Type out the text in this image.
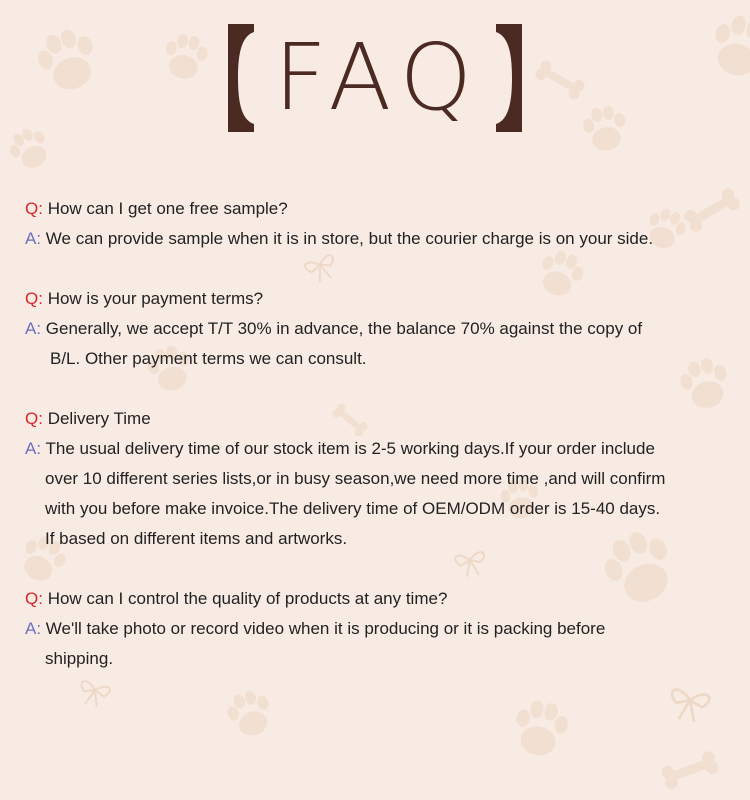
FAQ
Q: How can I get one free sample?
A: We can provide sample when it is in store, but the courier charge is on your side.
Q: How is your payment terms?
A: Generally, we accept T/T 30% in advance, the balance 70% against the copy of
B/L. Other payment terms we can consult.
Q: Delivery Time
A: The usual delivery time of our stock item is 2-5 working days.If your order include
over 10 different series lists,or in busy season,we need more time ,and will confirm
with you before make invoice.The delivery time of OEM/ODM order is 15-40 days.
If based on different items and artworks.
Q: How can I control the quality of products at any time?
A: We'll take photo or record video when it is producing or it is packing before
shipping.
